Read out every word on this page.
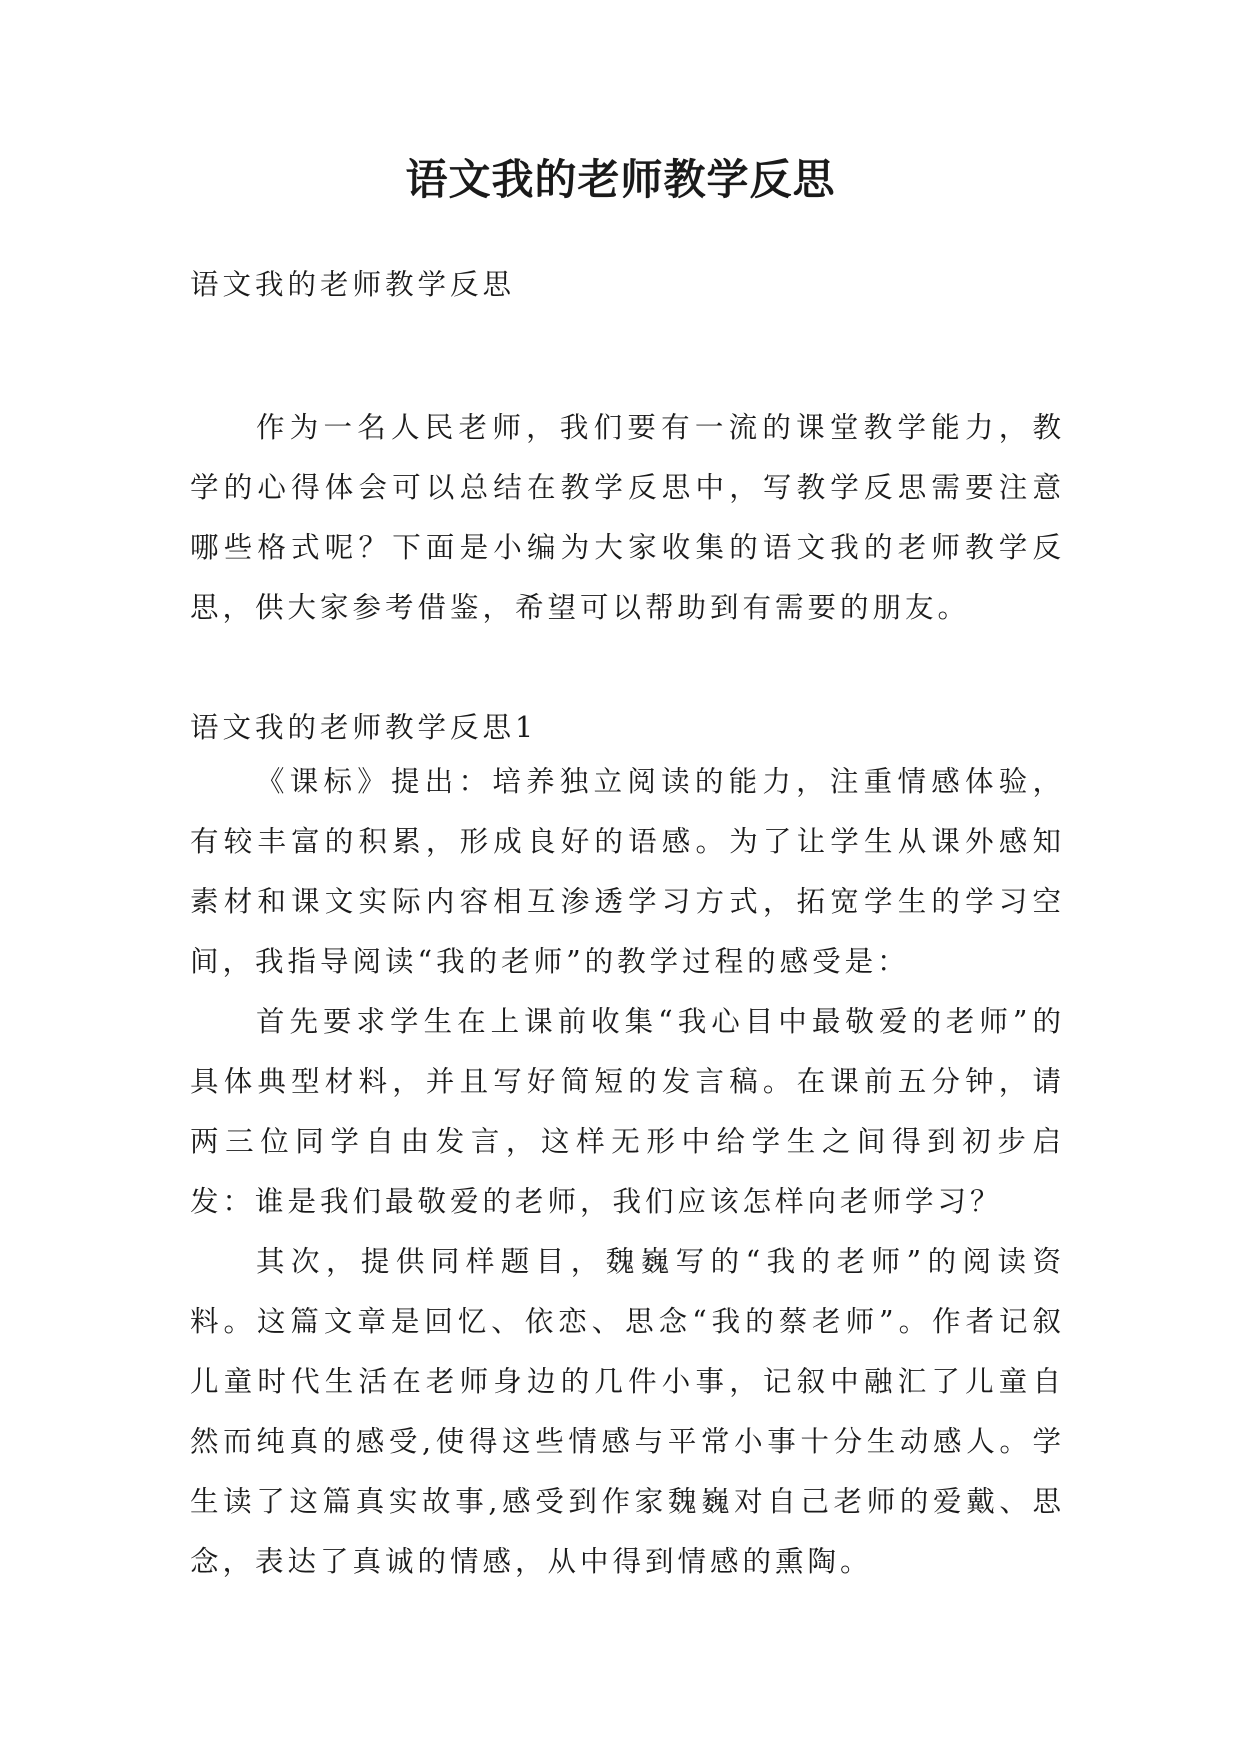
语文我的老师教学反思
语文我的老师教学反思

作为一名人民老师，我们要有一流的课堂教学能力，教学的心得体会可以总结在教学反思中，写教学反思需要注意哪些格式呢？下面是小编为大家收集的语文我的老师教学反思，供大家参考借鉴，希望可以帮助到有需要的朋友。

语文我的老师教学反思1

《课标》提出：培养独立阅读的能力，注重情感体验，有较丰富的积累，形成良好的语感。为了让学生从课外感知素材和课文实际内容相互渗透学习方式，拓宽学生的学习空间，我指导阅读“我的老师”的教学过程的感受是：

首先要求学生在上课前收集“我心目中最敬爱的老师”的具体典型材料，并且写好简短的发言稿。在课前五分钟，请两三位同学自由发言，这样无形中给学生之间得到初步启发：谁是我们最敬爱的老师，我们应该怎样向老师学习？

其次，提供同样题目，魏巍写的“我的老师”的阅读资料。这篇文章是回忆、依恋、思念“我的蔡老师”。作者记叙儿童时代生活在老师身边的几件小事，记叙中融汇了儿童自然而纯真的感受,使得这些情感与平常小事十分生动感人。学生读了这篇真实故事,感受到作家魏巍对自己老师的爱戴、思念，表达了真诚的情感，从中得到情感的熏陶。
